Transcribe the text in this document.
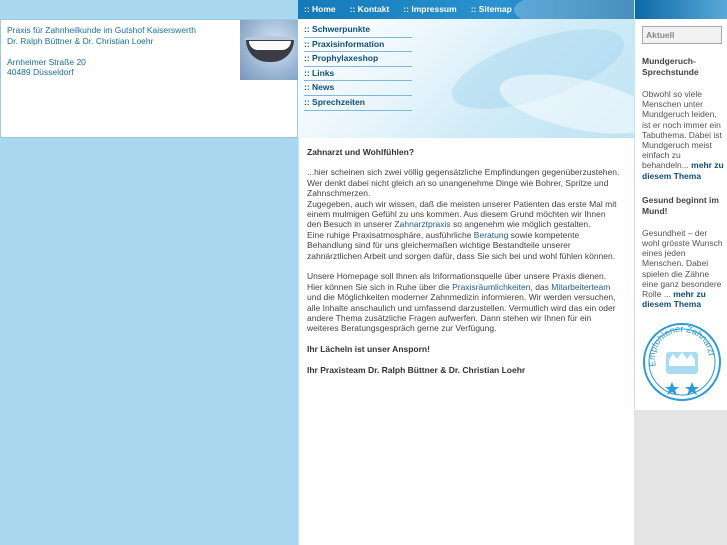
Praxis für Zahnheilkunde im Gutshof Kaiserswerth
Dr. Ralph Büttner & Dr. Christian Loehr

Arnheimer Straße 20
40489 Düsseldorf
:: Home :: Kontakt :: Impressum :: Sitemap
:: Schwerpunkte
:: Praxisinformation
:: Prophylaxeshop
:: Links
:: News
:: Sprechzeiten
Zahnarzt und Wohlfühlen?

...hier scheinen sich zwei völlig gegensätzliche Empfindungen gegenüberzustehen. Wer denkt dabei nicht gleich an so unangenehme Dinge wie Bohrer, Spritze und Zahnschmerzen.
Zugegeben, auch wir wissen, daß die meisten unserer Patienten das erste Mal mit einem mulmigen Gefühl zu uns kommen. Aus diesem Grund möchten wir Ihnen den Besuch in unserer Zahnarztpraxis so angenehm wie möglich gestalten.
Eine ruhige Praxisatmosphäre, ausführliche Beratung sowie kompetente Behandlung sind für uns gleichermaßen wichtige Bestandteile unserer zahnärztlichen Arbeit und sorgen dafür, dass Sie sich bei und wohl fühlen können.

Unsere Homepage soll Ihnen als Informationsquelle über unsere Praxis dienen. Hier können Sie sich in Ruhe über die Praxisräumlichkeiten, das Mitarbeiterteam und die Möglichkeiten moderner Zahnmedizin informieren. Wir werden versuchen, alle Inhalte anschaulich und umfassend darzustellen. Vermutlich wird das ein oder andere Thema zusätzliche Fragen aufwerfen. Dann stehen wir Ihnen für ein weiteres Beratungsgespräch gerne zur Verfügung.

Ihr Lächeln ist unser Ansporn!

Ihr Praxisteam Dr. Ralph Büttner & Dr. Christian Loehr

Aktuell
Mundgeruch-Sprechstunde

Obwohl so viele Menschen unter Mundgeruch leiden, ist er noch immer ein Tabuthema. Dabei ist Mundgeruch meist einfach zu behandeln... mehr zu diesem Thema

Gesund beginnt im Mund!

Gesundheit – der wohl grösste Wunsch eines jeden Menschen. Dabei spielen die Zähne eine ganz besondere Rolle ... mehr zu diesem Thema

Empfohlener Zahnarzt
